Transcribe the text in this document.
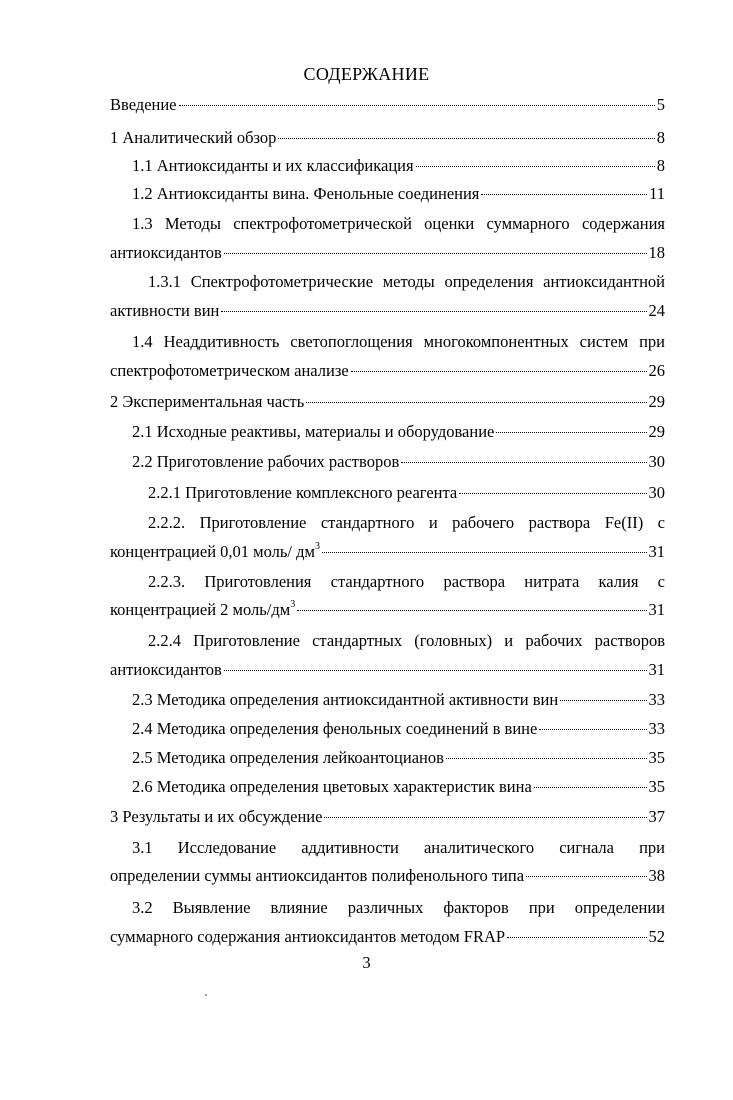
СОДЕРЖАНИЕ
Введение	5
1 Аналитический обзор	8
1.1 Антиоксиданты и их классификация	8
1.2 Антиоксиданты вина. Фенольные соединения	11
1.3 Методы спектрофотометрической оценки суммарного содержания
антиоксидантов	18
1.3.1 Спектрофотометрические методы определения антиоксидантной
активности вин	24
1.4 Неаддитивность светопоглощения многокомпонентных систем при
спектрофотометрическом анализе	26
2 Экспериментальная часть	29
2.1 Исходные реактивы, материалы и оборудование	29
2.2 Приготовление рабочих растворов	30
2.2.1 Приготовление комплексного реагента	30
2.2.2. Приготовление стандартного и рабочего раствора Fe(II) с
концентрацией 0,01 моль/ $дм^3$	31
2.2.3. Приготовления стандартного раствора нитрата калия с
концентрацией 2 моль/$дм^3$	31
2.2.4 Приготовление стандартных (головных) и рабочих растворов
антиоксидантов	31
2.3 Методика определения антиоксидантной активности вин	33
2.4 Методика определения фенольных соединений в вине	33
2.5 Методика определения лейкоантоцианов	35
2.6 Методика определения цветовых характеристик вина	35
3 Результаты и их обсуждение	37
3.1 Исследование аддитивности аналитического сигнала при
определении суммы антиоксидантов полифенольного типа	38
3.2 Выявление влияние различных факторов при определении
суммарного содержания антиоксидантов методом FRAP	52
3
